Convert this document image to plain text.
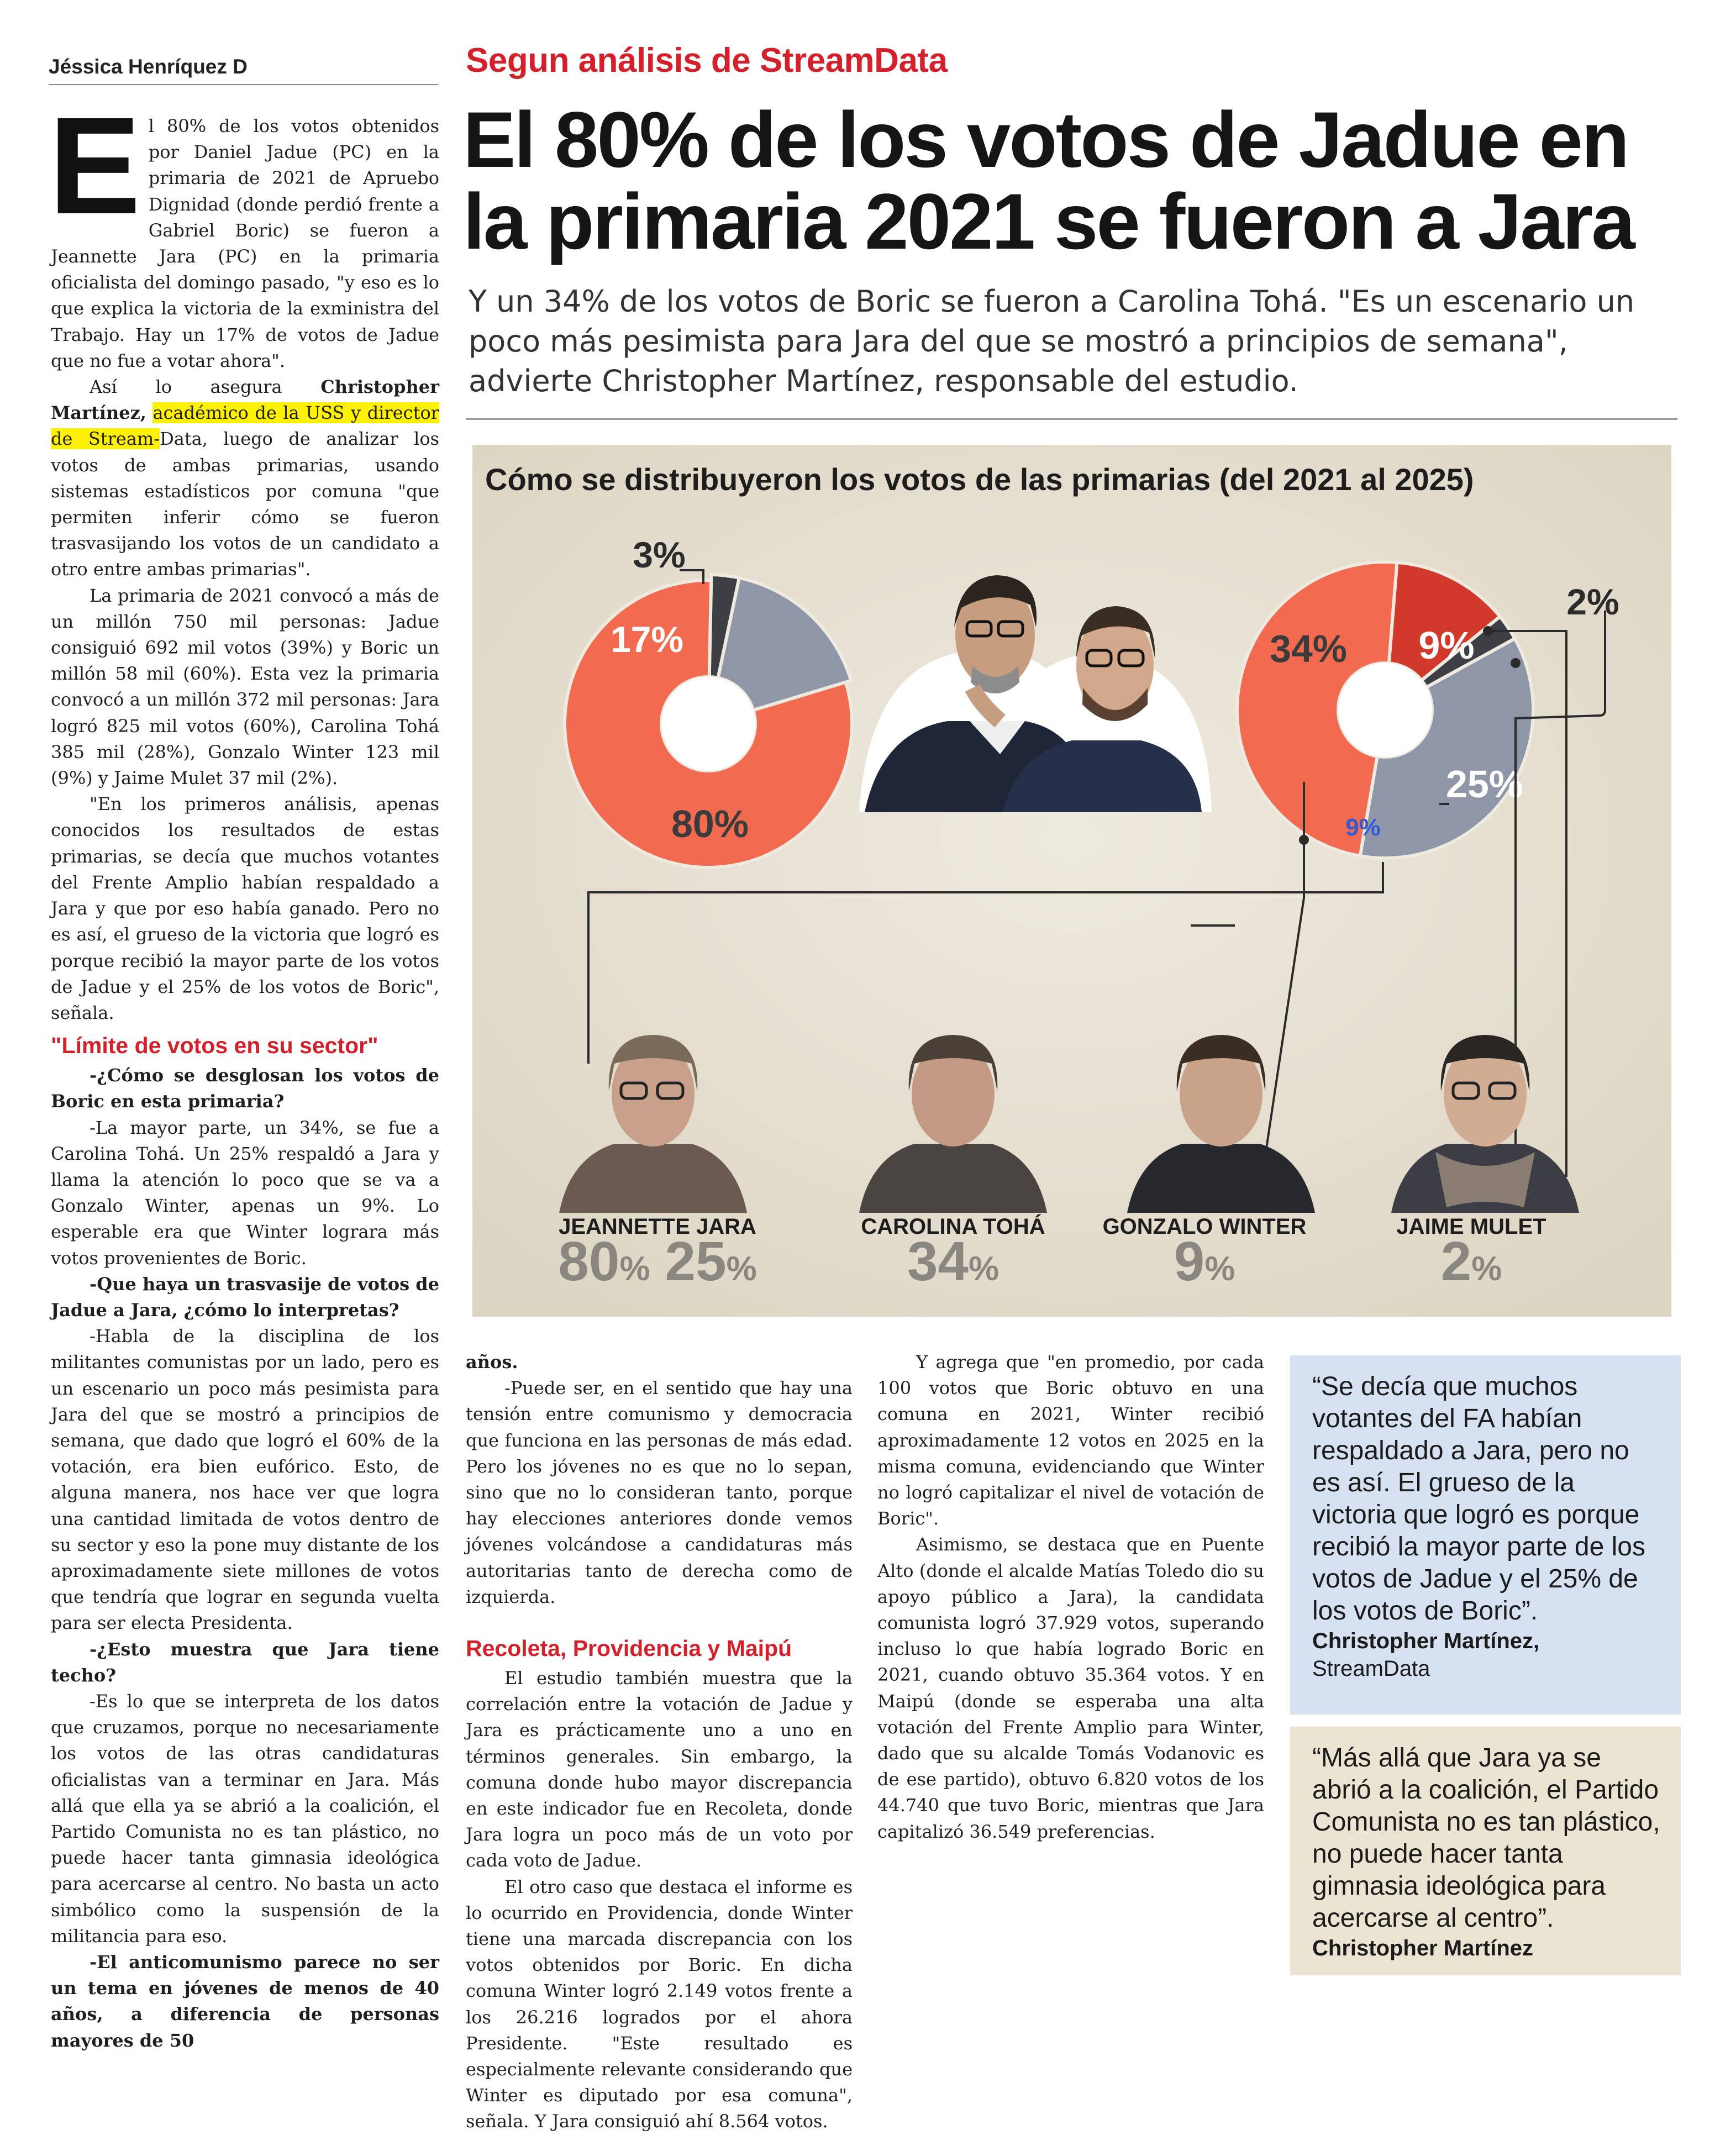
Jéssica Henríquez D	Segun análisis de StreamData
El 80% de los votos de Jadue en
la primaria 2021 se fueron a Jara
Y un 34% de los votos de Boric se fueron a Carolina Tohá. "Es un escenario un poco más pesimista para Jara del que se mostró a principios de semana", advierte Christopher Martínez, responsable del estudio.

El 80% de los votos obtenidos por Daniel Jadue (PC) en la primaria de 2021 de Apruebo Dignidad (donde perdió frente a Gabriel Boric) se fueron a Jeannette Jara (PC) en la primaria oficialista del domingo pasado, "y eso es lo que explica la victoria de la exministra del Trabajo. Hay un 17% de votos de Jadue que no fue a votar ahora".

Así lo asegura Christopher Martínez, académico de la USS y director de Stream-Data, luego de analizar los votos de ambas primarias, usando sistemas estadísticos por comuna "que permiten inferir cómo se fueron trasvasijando los votos de un candidato a otro entre ambas primarias".

La primaria de 2021 convocó a más de un millón 750 mil personas: Jadue consiguió 692 mil votos (39%) y Boric un millón 58 mil (60%). Esta vez la primaria convocó a un millón 372 mil personas: Jara logró 825 mil votos (60%), Carolina Tohá 385 mil (28%), Gonzalo Winter 123 mil (9%) y Jaime Mulet 37 mil (2%).

"En los primeros análisis, apenas conocidos los resultados de estas primarias, se decía que muchos votantes del Frente Amplio habían respaldado a Jara y que por eso había ganado. Pero no es así, el grueso de la victoria que logró es porque recibió la mayor parte de los votos de Jadue y el 25% de los votos de Boric", señala.

"Límite de votos en su sector"

-¿Cómo se desglosan los votos de Boric en esta primaria?

-La mayor parte, un 34%, se fue a Carolina Tohá. Un 25% respaldó a Jara y llama la atención lo poco que se va a Gonzalo Winter, apenas un 9%. Lo esperable era que Winter lograra más votos provenientes de Boric.

-Que haya un trasvasije de votos de Jadue a Jara, ¿cómo lo interpretas?

-Habla de la disciplina de los militantes comunistas por un lado, pero es un escenario un poco más pesimista para Jara del que se mostró a principios de semana, que dado que logró el 60% de la votación, era bien eufórico. Esto, de alguna manera, nos hace ver que logra una cantidad limitada de votos dentro de su sector y eso la pone muy distante de los aproximadamente siete millones de votos que tendría que lograr en segunda vuelta para ser electa Presidenta.

-¿Esto muestra que Jara tiene techo?

-Es lo que se interpreta de los datos que cruzamos, porque no necesariamente los votos de las otras candidaturas oficialistas van a terminar en Jara. Más allá que ella ya se abrió a la coalición, el Partido Comunista no es tan plástico, no puede hacer tanta gimnasia ideológica para acercarse al centro. No basta un acto simbólico como la suspensión de la militancia para eso.

-El anticomunismo parece no ser un tema en jóvenes de menos de 40 años, a diferencia de personas mayores de 50

Cómo se distribuyeron los votos de las primarias (del 2021 al 2025)
80%
17%
3%
9%
2%
25%
34%
9%
JEANNETTE JARA
80% 25%
CAROLINA TOHÁ
34%
GONZALO WINTER
9%
JAIME MULET
2%

años.

-Puede ser, en el sentido que hay una tensión entre comunismo y democracia que funciona en las personas de más edad. Pero los jóvenes no es que no lo sepan, sino que no lo consideran tanto, porque hay elecciones anteriores donde vemos jóvenes volcándose a candidaturas más autoritarias tanto de derecha como de izquierda.

Recoleta, Providencia y Maipú

El estudio también muestra que la correlación entre la votación de Jadue y Jara es prácticamente uno a uno en términos generales. Sin embargo, la comuna donde hubo mayor discrepancia en este indicador fue en Recoleta, donde Jara logra un poco más de un voto por cada voto de Jadue.

El otro caso que destaca el informe es lo ocurrido en Providencia, donde Winter tiene una marcada discrepancia con los votos obtenidos por Boric. En dicha comuna Winter logró 2.149 votos frente a los 26.216 logrados por el ahora Presidente. "Este resultado es especialmente relevante considerando que Winter es diputado por esa comuna", señala. Y Jara consiguió ahí 8.564 votos.

Y agrega que "en promedio, por cada 100 votos que Boric obtuvo en una comuna en 2021, Winter recibió aproximadamente 12 votos en 2025 en la misma comuna, evidenciando que Winter no logró capitalizar el nivel de votación de Boric".

Asimismo, se destaca que en Puente Alto (donde el alcalde Matías Toledo dio su apoyo público a Jara), la candidata comunista logró 37.929 votos, superando incluso lo que había logrado Boric en 2021, cuando obtuvo 35.364 votos. Y en Maipú (donde se esperaba una alta votación del Frente Amplio para Winter, dado que su alcalde Tomás Vodanovic es de ese partido), obtuvo 6.820 votos de los 44.740 que tuvo Boric, mientras que Jara capitalizó 36.549 preferencias.

“Se decía que muchos votantes del FA habían respaldado a Jara, pero no es así. El grueso de la victoria que logró es porque recibió la mayor parte de los votos de Jadue y el 25% de los votos de Boric”.
Christopher Martínez,
StreamData
“Más allá que Jara ya se abrió a la coalición, el Partido Comunista no es tan plástico, no puede hacer tanta gimnasia ideológica para acercarse al centro”.
Christopher Martínez
